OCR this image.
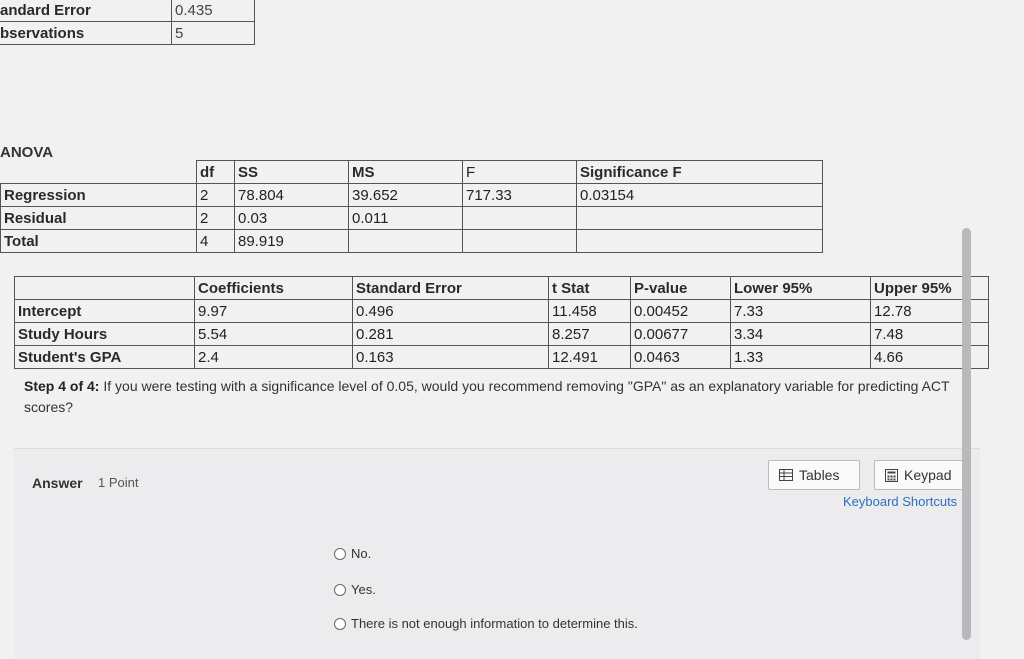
andard Error	0.435
bservations	5
ANOVA
	df	SS	MS	F	Significance F
Regression	2	78.804	39.652	717.33	0.03154
Residual	2	0.03	0.011		
Total	4	89.919			
	Coefficients	Standard Error	t Stat	P-value	Lower 95%	Upper 95%
Intercept	9.97	0.496	11.458	0.00452	7.33	12.78
Study Hours	5.54	0.281	8.257	0.00677	3.34	7.48
Student's GPA	2.4	0.163	12.491	0.0463	1.33	4.66
Step 4 of 4: If you were testing with a significance level of 0.05, would you recommend removing "GPA" as an explanatory variable for predicting ACT scores?
Answer 1 Point	Tables	Keypad
Keyboard Shortcuts
No.
Yes.
There is not enough information to determine this.
